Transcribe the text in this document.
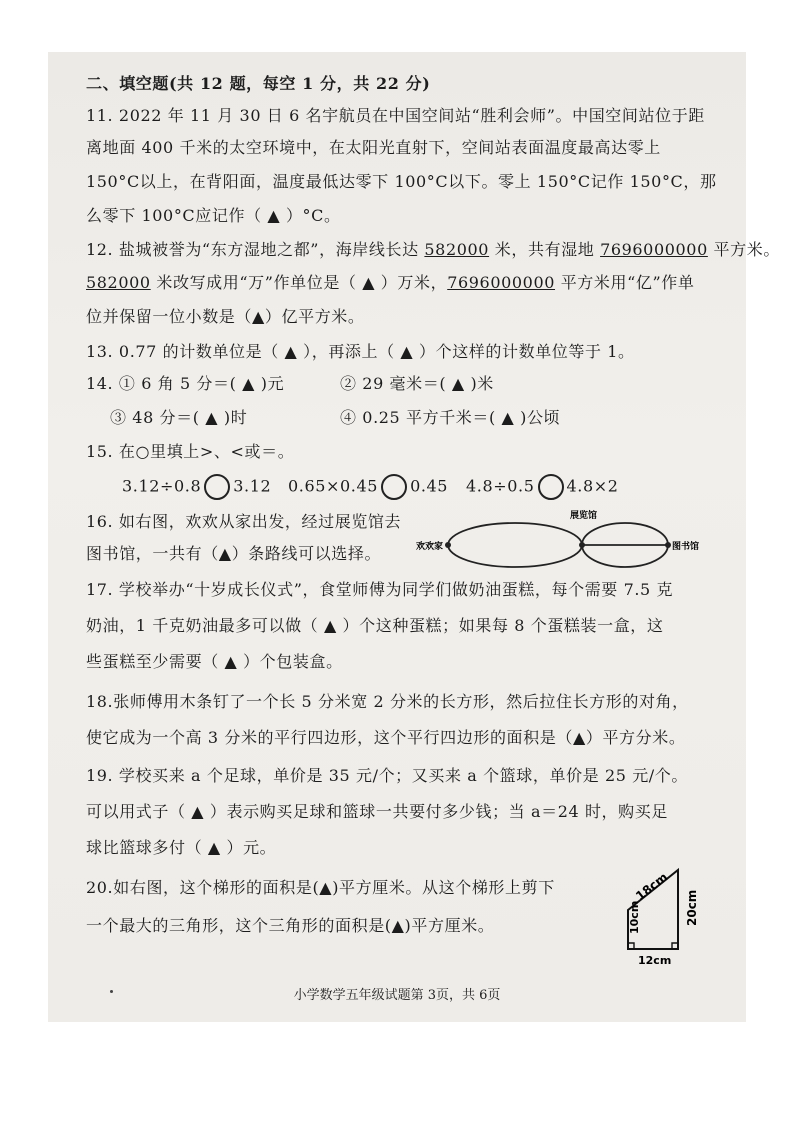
二、填空题(共 12 题，每空 1 分，共 22 分)
11. 2022 年 11 月 30 日 6 名宇航员在中国空间站“胜利会师”。中国空间站位于距
离地面 400 千米的太空环境中，在太阳光直射下，空间站表面温度最高达零上
150°C以上，在背阳面，温度最低达零下 100°C以下。零上 150°C记作 150°C，那
么零下 100°C应记作（ ▲ ）°C。
12. 盐城被誉为“东方湿地之都”，海岸线长达 582000 米，共有湿地 7696000000 平方米。
582000 米改写成用“万”作单位是（ ▲ ）万米，7696000000 平方米用“亿”作单
位并保留一位小数是（▲）亿平方米。
13. 0.77 的计数单位是（ ▲ ），再添上（ ▲ ）个这样的计数单位等于 1。
14. ① 6 角 5 分＝( ▲ )元	② 29 毫米＝( ▲ )米
③ 48 分＝( ▲ )时	④ 0.25 平方千米＝( ▲ )公顷
15. 在○里填上>、<或＝。
3.12÷0.8 3.12 0.65×0.45 0.45 4.8÷0.5 4.8×2
16. 如右图，欢欢从家出发，经过展览馆去
图书馆，一共有（▲）条路线可以选择。	欢欢家
展览馆
图书馆
17. 学校举办“十岁成长仪式”，食堂师傅为同学们做奶油蛋糕，每个需要 7.5 克
奶油，1 千克奶油最多可以做（ ▲ ）个这种蛋糕；如果每 8 个蛋糕装一盒，这
些蛋糕至少需要（ ▲ ）个包装盒。
18.张师傅用木条钉了一个长 5 分米宽 2 分米的长方形，然后拉住长方形的对角，
使它成为一个高 3 分米的平行四边形，这个平行四边形的面积是（▲）平方分米。
19. 学校买来 a 个足球，单价是 35 元/个；又买来 a 个篮球，单价是 25 元/个。
可以用式子（ ▲ ）表示购买足球和篮球一共要付多少钱；当 a＝24 时，购买足
球比篮球多付（ ▲ ）元。
20.如右图，这个梯形的面积是(▲)平方厘米。从这个梯形上剪下
一个最大的三角形，这个三角形的面积是(▲)平方厘米。
18cm
20cm
10cm
12cm
小学数学五年级试题第 3页，共 6页
